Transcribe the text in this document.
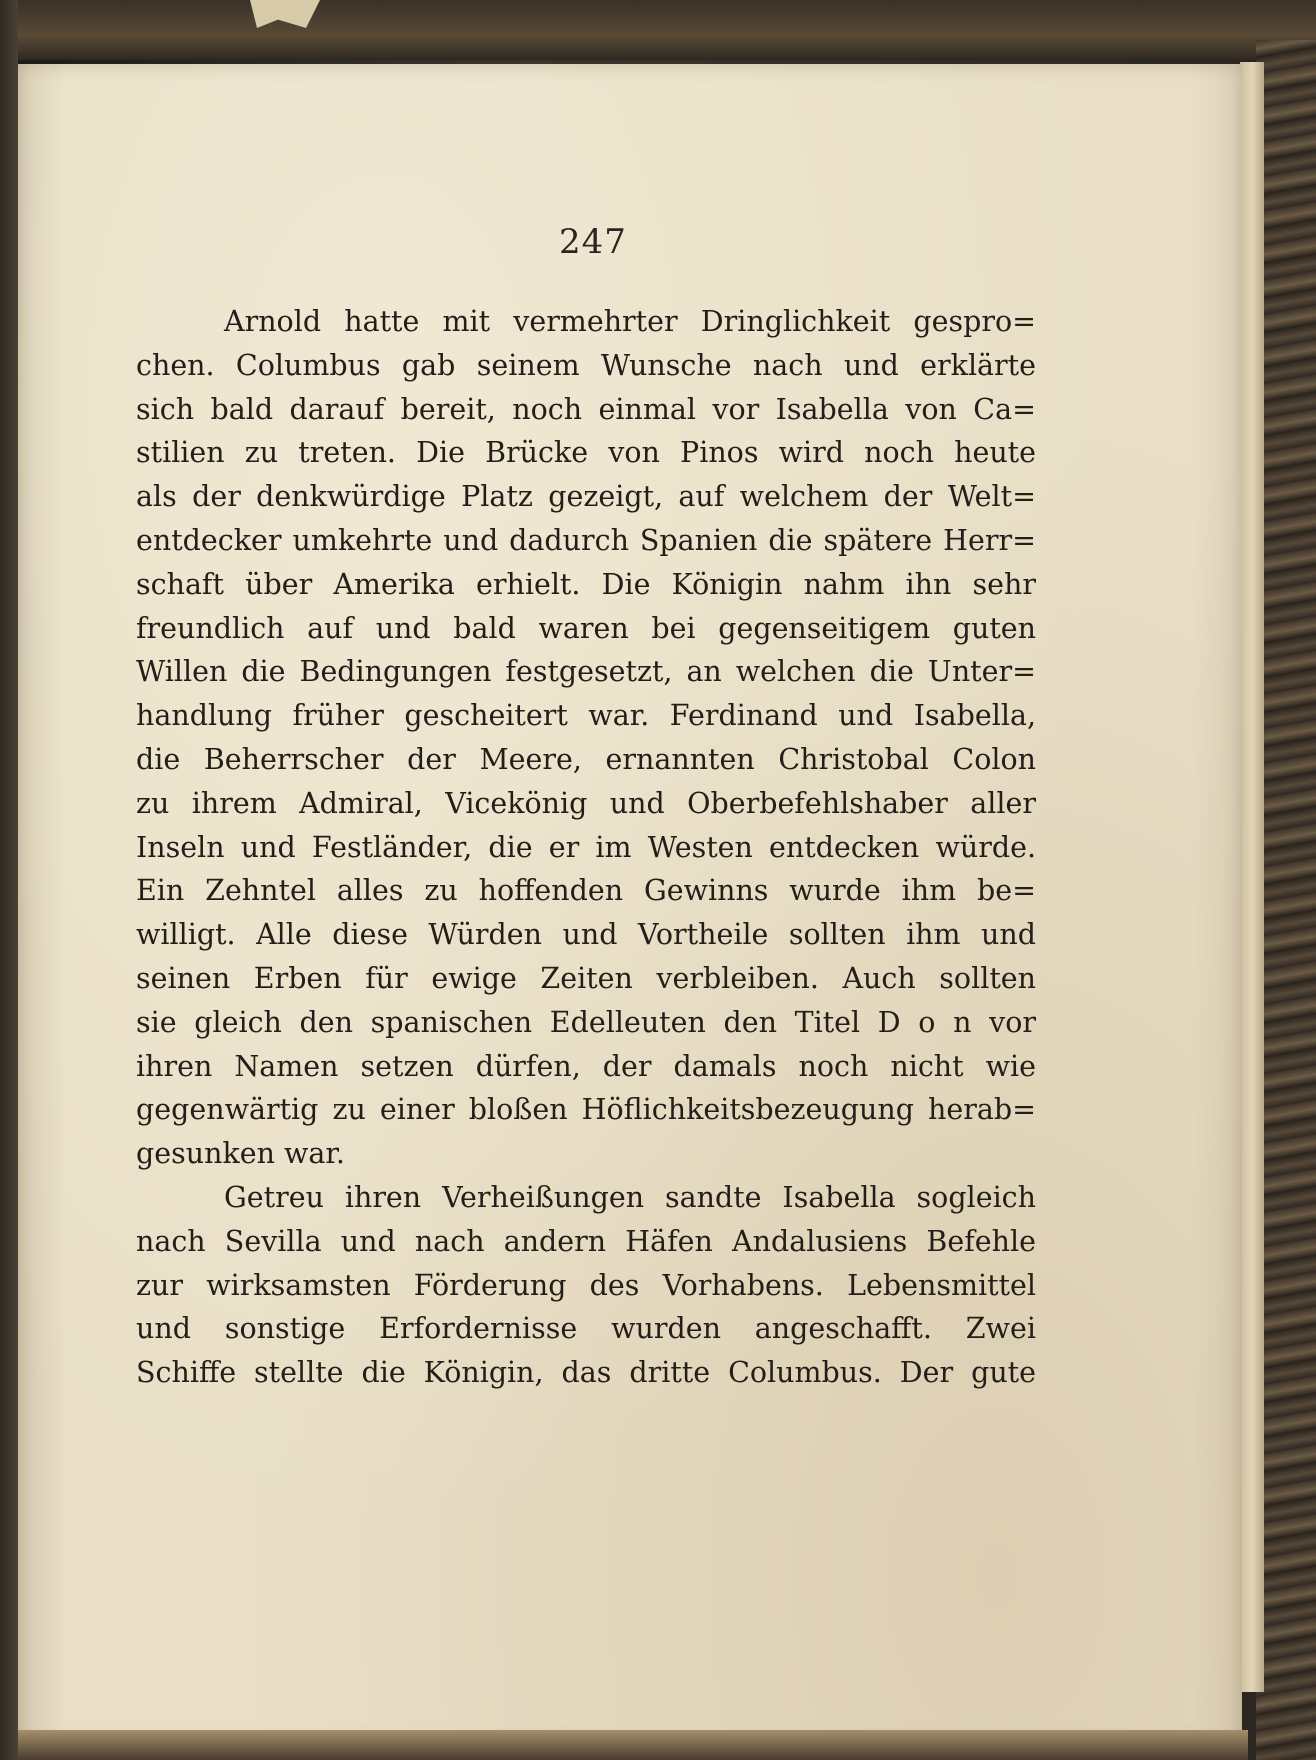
247
Arnold hatte mit vermehrter Dringlichkeit gespro=
chen. Columbus gab seinem Wunsche nach und erklärte
sich bald darauf bereit, noch einmal vor Isabella von Ca=
stilien zu treten. Die Brücke von Pinos wird noch heute
als der denkwürdige Platz gezeigt, auf welchem der Welt=
entdecker umkehrte und dadurch Spanien die spätere Herr=
schaft über Amerika erhielt. Die Königin nahm ihn sehr
freundlich auf und bald waren bei gegenseitigem guten
Willen die Bedingungen festgesetzt, an welchen die Unter=
handlung früher gescheitert war. Ferdinand und Isabella,
die Beherrscher der Meere, ernannten Christobal Colon
zu ihrem Admiral, Vicekönig und Oberbefehlshaber aller
Inseln und Festländer, die er im Westen entdecken würde.
Ein Zehntel alles zu hoffenden Gewinns wurde ihm be=
willigt. Alle diese Würden und Vortheile sollten ihm und
seinen Erben für ewige Zeiten verbleiben. Auch sollten
sie gleich den spanischen Edelleuten den Titel D o n vor
ihren Namen setzen dürfen, der damals noch nicht wie
gegenwärtig zu einer bloßen Höflichkeitsbezeugung herab=
gesunken war.
Getreu ihren Verheißungen sandte Isabella sogleich
nach Sevilla und nach andern Häfen Andalusiens Befehle
zur wirksamsten Förderung des Vorhabens. Lebensmittel
und sonstige Erfordernisse wurden angeschafft. Zwei
Schiffe stellte die Königin, das dritte Columbus. Der gute
